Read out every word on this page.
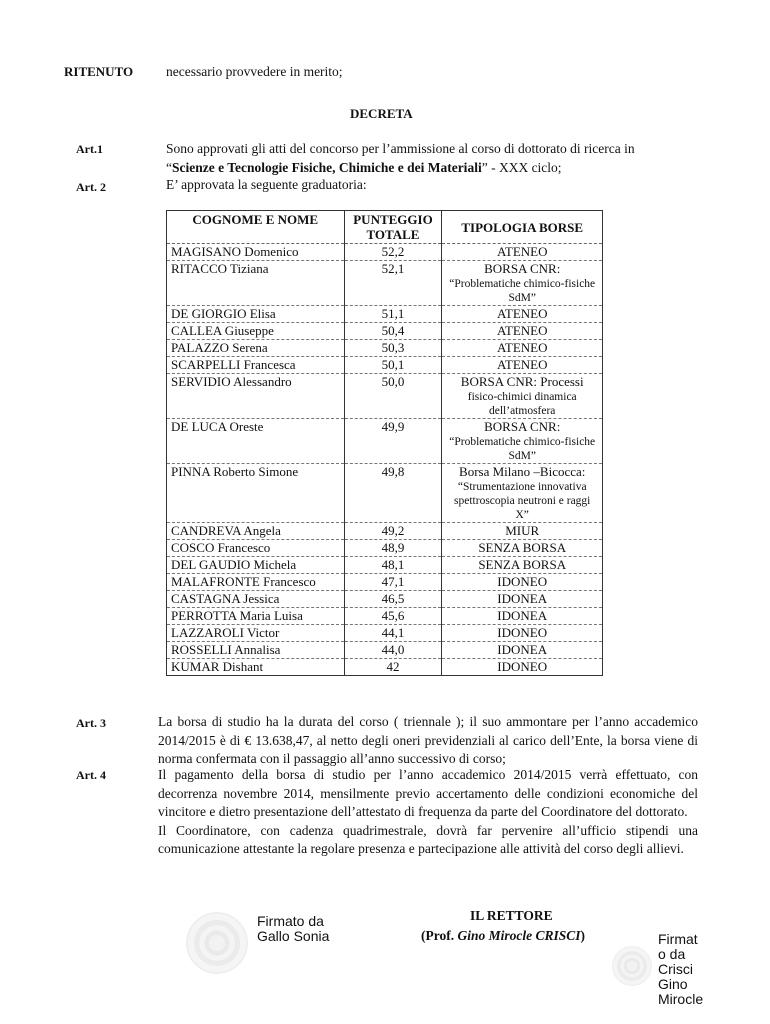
RITENUTO necessario provvedere in merito;
DECRETA
Art.1	Sono approvati gli atti del concorso per l’ammissione al corso di dottorato di ricerca in
“Scienze e Tecnologie Fisiche, Chimiche e dei Materiali” - XXX ciclo;
Art. 2	E’ approvata la seguente graduatoria:
COGNOME E NOME	PUNTEGGIO TOTALE	TIPOLOGIA BORSE
MAGISANO Domenico	52,2	ATENEO
RITACCO Tiziana	52,1	BORSA CNR:
“Problematiche chimico-fisiche SdM”

DE GIORGIO Elisa	51,1	ATENEO
CALLEA Giuseppe	50,4	ATENEO
PALAZZO Serena	50,3	ATENEO
SCARPELLI Francesca	50,1	ATENEO
SERVIDIO Alessandro	50,0	BORSA CNR: Processi
fisico-chimici dinamica dell’atmosfera

DE LUCA Oreste	49,9	BORSA CNR:
“Problematiche chimico-fisiche SdM”

PINNA Roberto Simone	49,8	Borsa Milano –Bicocca:
“Strumentazione innovativa spettroscopia neutroni e raggi X”

CANDREVA Angela	49,2	MIUR
COSCO Francesco	48,9	SENZA BORSA
DEL GAUDIO Michela	48,1	SENZA BORSA
MALAFRONTE Francesco	47,1	IDONEO
CASTAGNA Jessica	46,5	IDONEA
PERROTTA Maria Luisa	45,6	IDONEA
LAZZAROLI Victor	44,1	IDONEO
ROSSELLI Annalisa	44,0	IDONEA
KUMAR Dishant	42	IDONEO
Art. 3	La borsa di studio ha la durata del corso ( triennale ); il suo ammontare per l’anno accademico 2014/2015 è di € 13.638,47, al netto degli oneri previdenziali al carico dell’Ente, la borsa viene di norma confermata con il passaggio all’anno successivo di corso;
Art. 4	Il pagamento della borsa di studio per l’anno accademico 2014/2015 verrà effettuato, con decorrenza novembre 2014, mensilmente previo accertamento delle condizioni economiche del vincitore e dietro presentazione dell’attestato di frequenza da parte del Coordinatore del dottorato.
Il Coordinatore, con cadenza quadrimestrale, dovrà far pervenire all’ufficio stipendi una comunicazione attestante la regolare presenza e partecipazione alle attività del corso degli allievi.
Firmato da
Gallo Sonia
IL RETTORE
(Prof. Gino Mirocle CRISCI)	Firmat
o da
Crisci
Gino
Mirocle
